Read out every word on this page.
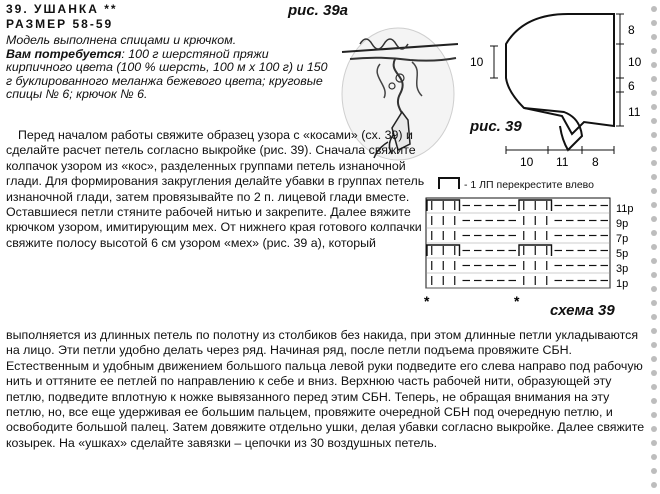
39. УШАНКА **
РАЗМЕР 58-59
Модель выполнена спицами и крючком.
Вам потребуется: 100 г шерстяной пряжи кирпичного цвета (100 % шерсть, 100 м х 100 г) и 150 г буклированного меланжа бежевого цвета; круговые спицы № 6; крючок № 6.
рис. 39а
10
8
10
6
11
10 11 8
рис. 39
- 1 ЛП перекрестите влево
11р
9р
7р
5р
3р
1р
*	*
схема 39
Перед началом работы свяжите образец узора с «косами» (сх. 39) и сделайте расчет петель согласно выкройке (рис. 39). Сначала свяжите колпачок узором из «кос», разделенных группами петель изнаночной глади. Для формирования закругления делайте убавки в группах петель изнаночной глади, затем провязывайте по 2 п. лицевой глади вместе. Оставшиеся петли стяните рабочей нитью и закрепите. Далее вяжите крючком узором, имитирующим мех. От нижнего края готового колпачки свяжите полосу высотой 6 см узором «мех» (рис. 39 а), который
выполняется из длинных петель по полотну из столбиков без накида, при этом длинные петли укладываются на лицо. Эти петли удобно делать через ряд. Начиная ряд, после петли подъема провяжите СБН. Естественным и удобным движением большого пальца левой руки подведите его слева направо под рабочую нить и оттяните ее петлей по направлению к себе и вниз. Верхнюю часть рабочей нити, образующей эту петлю, подведите вплотную к ножке вывязанного перед этим СБН. Теперь, не обращая внимания на эту петлю, но, все еще удерживая ее большим пальцем, провяжите очередной СБН под очередную петлю, и освободите большой палец. Затем довяжите отдельно ушки, делая убавки согласно выкройке. Далее свяжите козырек. На «ушках» сделайте завязки – цепочки из 30 воздушных петель.
